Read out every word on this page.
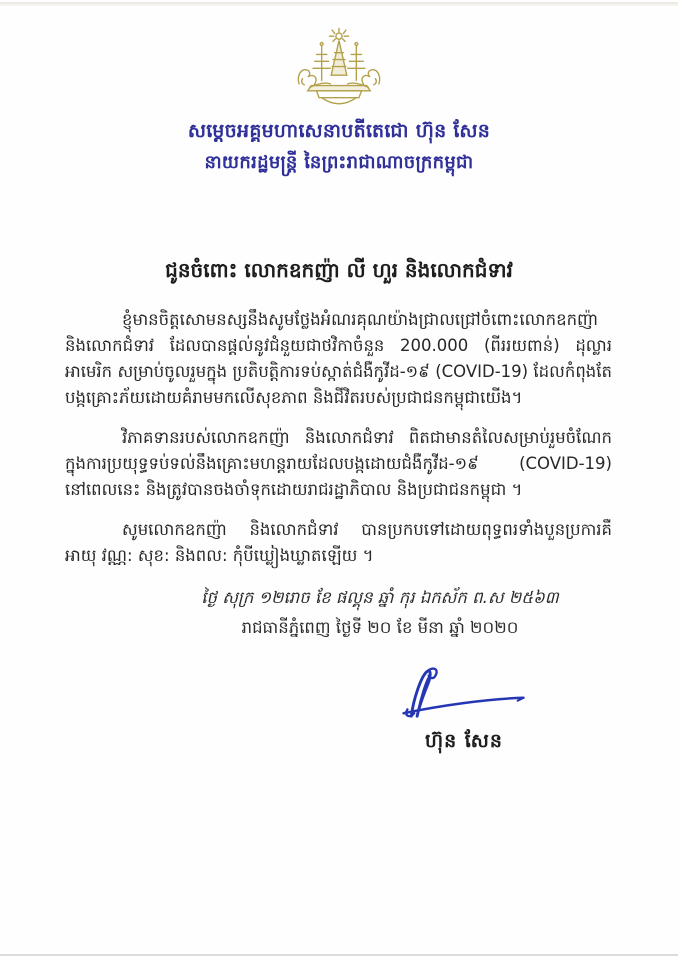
សម្តេចអគ្គមហាសេនាបតីតេជោ ហ៊ុន សែន
នាយករដ្ឋមន្ត្រី នៃព្រះរាជាណាចក្រកម្ពុជា
ជូនចំពោះ លោកឧកញ៉ា លី ហួរ និងលោកជំទាវ

ខ្ញុំមានចិត្តសោមនស្សនឹងសូមថ្លែងអំណរគុណយ៉ាងជ្រាលជ្រៅចំពោះលោកឧកញ៉ា និងលោកជំទាវ ដែលបានផ្តល់នូវជំនួយជាថវិកាចំនួន 200.000 (ពីររយពាន់) ដុល្លារអាមេរិក សម្រាប់ចូលរួមក្នុង ប្រតិបត្តិការទប់ស្កាត់ជំងឺកូវីដ-១៩ (COVID-19) ដែលកំពុងតែបង្កគ្រោះភ័យដោយគំរាមមកលើសុខភាព និងជីវិតរបស់ប្រជាជនកម្ពុជាយើង។

វិភាគទានរបស់លោកឧកញ៉ា និងលោកជំទាវ ពិតជាមានតំលៃសម្រាប់រួមចំណែកក្នុងការប្រយុទ្ធទប់ទល់នឹងគ្រោះមហន្តរាយដែលបង្កដោយជំងឺកូវីដ-១៩ (COVID-19) នៅពេលនេះ និងត្រូវបានចងចាំទុកដោយរាជរដ្ឋាភិបាល និងប្រជាជនកម្ពុជា ។

សូមលោកឧកញ៉ា និងលោកជំទាវ បានប្រកបទៅដោយពុទ្ធពរទាំងបួនប្រការគឺ អាយុ វណ្ណ: សុខ: និងពល: កុំបីឃ្លៀងឃ្លាតឡើយ ។

ថ្ងៃ សុក្រ ១២រោច ខែ ផល្គុន ឆ្នាំ កុរ ឯកស័ក ព.ស ២៥៦៣
រាជធានីភ្នំពេញ ថ្ងៃទី ២០ ខែ មីនា ឆ្នាំ ២០២០
ហ៊ុន សែន
